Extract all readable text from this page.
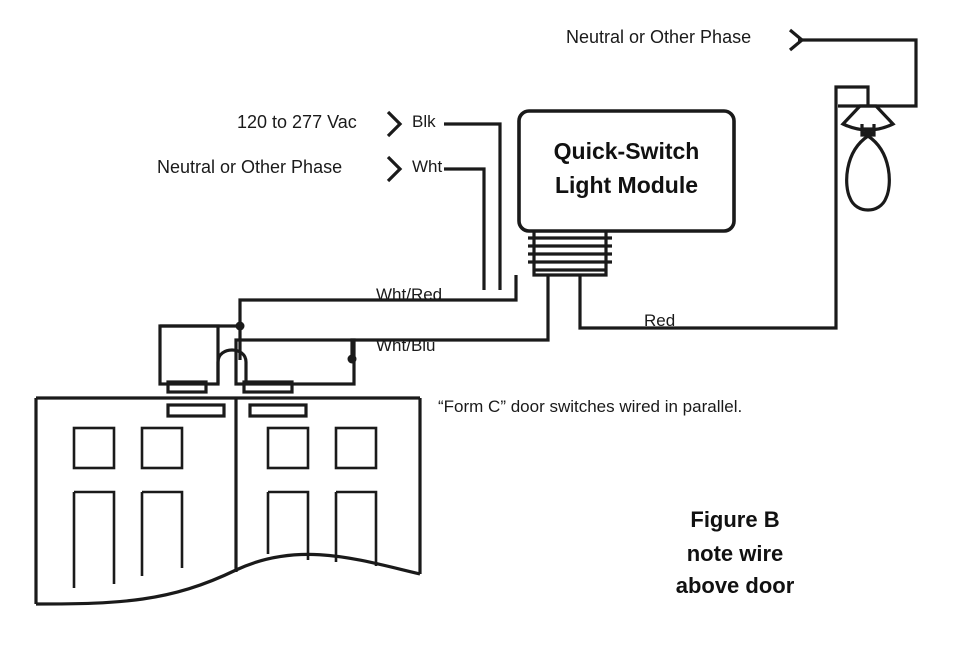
Neutral or Other Phase
120 to 277 Vac
Neutral or Other Phase
Blk
Wht
Wht/Red
Wht/Blu
Red
Quick-Switch
Light Module
“Form C” door switches wired in parallel.
Figure B
note wire
above door
